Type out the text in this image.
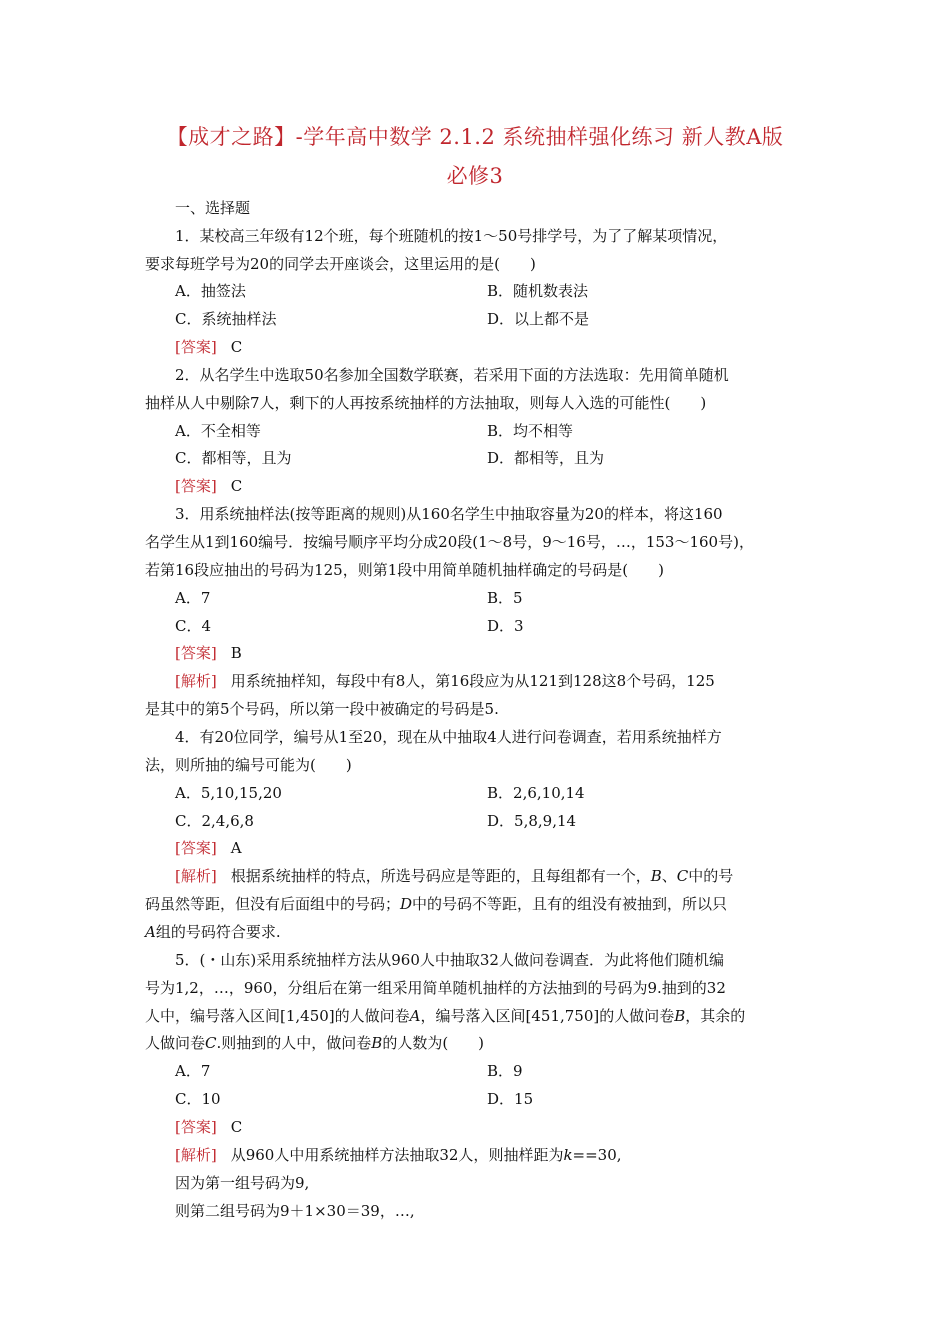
【成才之路】-学年高中数学 2.1.2 系统抽样强化练习 新人教A版
必修3
一、选择题
1．某校高三年级有12个班，每个班随机的按1～50号排学号，为了了解某项情况，
要求每班学号为20的同学去开座谈会，这里运用的是(　　)
A．抽签法	B．随机数表法
C．系统抽样法	D．以上都不是
[答案] C
2．从名学生中选取50名参加全国数学联赛，若采用下面的方法选取：先用简单随机
抽样从人中剔除7人，剩下的人再按系统抽样的方法抽取，则每人入选的可能性(　　)
A．不全相等	B．均不相等
C．都相等，且为	D．都相等，且为
[答案] C
3．用系统抽样法(按等距离的规则)从160名学生中抽取容量为20的样本，将这160
名学生从1到160编号．按编号顺序平均分成20段(1～8号，9～16号，…，153～160号)，
若第16段应抽出的号码为125，则第1段中用简单随机抽样确定的号码是(　　)
A．7	B．5
C．4	D．3
[答案] B
[解析] 用系统抽样知，每段中有8人，第16段应为从121到128这8个号码，125
是其中的第5个号码，所以第一段中被确定的号码是5.
4．有20位同学，编号从1至20，现在从中抽取4人进行问卷调查，若用系统抽样方
法，则所抽的编号可能为(　　)
A．5,10,15,20	B．2,6,10,14
C．2,4,6,8	D．5,8,9,14
[答案] A
[解析] 根据系统抽样的特点，所选号码应是等距的，且每组都有一个，B、C中的号
码虽然等距，但没有后面组中的号码；D中的号码不等距，且有的组没有被抽到，所以只
A组的号码符合要求.
5．(・山东)采用系统抽样方法从960人中抽取32人做问卷调查．为此将他们随机编
号为1,2，…，960，分组后在第一组采用简单随机抽样的方法抽到的号码为9.抽到的32
人中，编号落入区间[1,450]的人做问卷A，编号落入区间[451,750]的人做问卷B，其余的
人做问卷C.则抽到的人中，做问卷B的人数为(　　)
A．7	B．9
C．10	D．15
[答案] C
[解析] 从960人中用系统抽样方法抽取32人，则抽样距为k==30,
因为第一组号码为9,
则第二组号码为9＋1×30＝39，…,
